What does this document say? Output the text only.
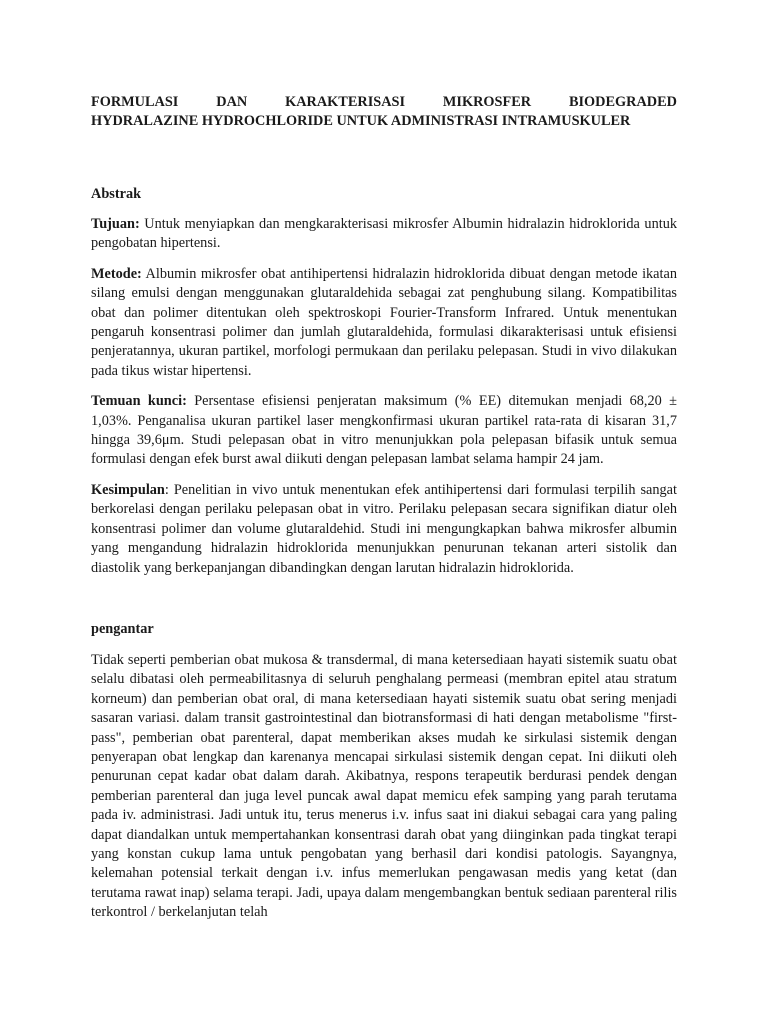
FORMULASI DAN KARAKTERISASI MIKROSFER BIODEGRADED
HYDRALAZINE HYDROCHLORIDE UNTUK ADMINISTRASI INTRAMUSKULER
Abstrak

Tujuan: Untuk menyiapkan dan mengkarakterisasi mikrosfer Albumin hidralazin hidroklorida untuk pengobatan hipertensi.

Metode: Albumin mikrosfer obat antihipertensi hidralazin hidroklorida dibuat dengan metode ikatan silang emulsi dengan menggunakan glutaraldehida sebagai zat penghubung silang. Kompatibilitas obat dan polimer ditentukan oleh spektroskopi Fourier-Transform Infrared. Untuk menentukan pengaruh konsentrasi polimer dan jumlah glutaraldehida, formulasi dikarakterisasi untuk efisiensi penjeratannya, ukuran partikel, morfologi permukaan dan perilaku pelepasan. Studi in vivo dilakukan pada tikus wistar hipertensi.

Temuan kunci: Persentase efisiensi penjeratan maksimum (% EE) ditemukan menjadi 68,20 ± 1,03%. Penganalisa ukuran partikel laser mengkonfirmasi ukuran partikel rata-rata di kisaran 31,7 hingga 39,6μm. Studi pelepasan obat in vitro menunjukkan pola pelepasan bifasik untuk semua formulasi dengan efek burst awal diikuti dengan pelepasan lambat selama hampir 24 jam.

Kesimpulan: Penelitian in vivo untuk menentukan efek antihipertensi dari formulasi terpilih sangat berkorelasi dengan perilaku pelepasan obat in vitro. Perilaku pelepasan secara signifikan diatur oleh konsentrasi polimer dan volume glutaraldehid. Studi ini mengungkapkan bahwa mikrosfer albumin yang mengandung hidralazin hidroklorida menunjukkan penurunan tekanan arteri sistolik dan diastolik yang berkepanjangan dibandingkan dengan larutan hidralazin hidroklorida.

pengantar

Tidak seperti pemberian obat mukosa & transdermal, di mana ketersediaan hayati sistemik suatu obat selalu dibatasi oleh permeabilitasnya di seluruh penghalang permeasi (membran epitel atau stratum korneum) dan pemberian obat oral, di mana ketersediaan hayati sistemik suatu obat sering menjadi sasaran variasi. dalam transit gastrointestinal dan biotransformasi di hati dengan metabolisme "first-pass", pemberian obat parenteral, dapat memberikan akses mudah ke sirkulasi sistemik dengan penyerapan obat lengkap dan karenanya mencapai sirkulasi sistemik dengan cepat. Ini diikuti oleh penurunan cepat kadar obat dalam darah. Akibatnya, respons terapeutik berdurasi pendek dengan pemberian parenteral dan juga level puncak awal dapat memicu efek samping yang parah terutama pada iv. administrasi. Jadi untuk itu, terus menerus i.v. infus saat ini diakui sebagai cara yang paling dapat diandalkan untuk mempertahankan konsentrasi darah obat yang diinginkan pada tingkat terapi yang konstan cukup lama untuk pengobatan yang berhasil dari kondisi patologis. Sayangnya, kelemahan potensial terkait dengan i.v. infus memerlukan pengawasan medis yang ketat (dan terutama rawat inap) selama terapi. Jadi, upaya dalam mengembangkan bentuk sediaan parenteral rilis terkontrol / berkelanjutan telah
